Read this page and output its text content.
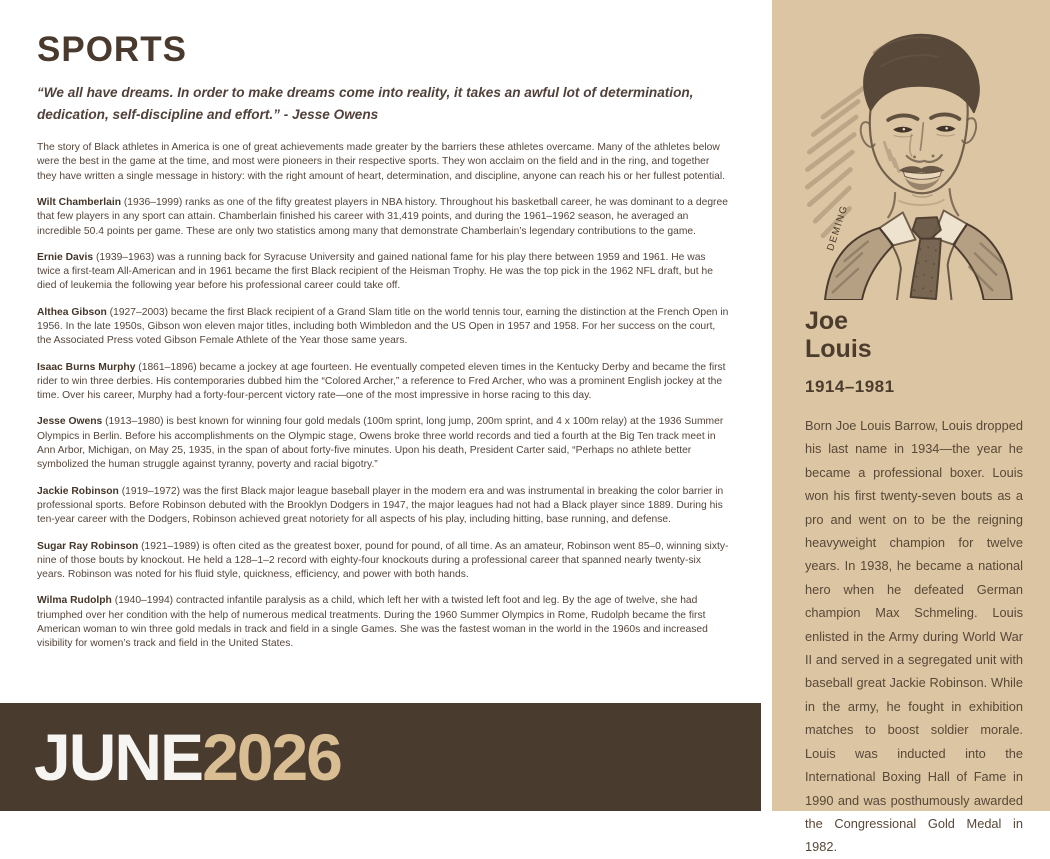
SPORTS

“We all have dreams. In order to make dreams come into reality, it takes an awful lot of determination, dedication, self-discipline and effort.” - Jesse Owens

The story of Black athletes in America is one of great achievements made greater by the barriers these athletes overcame. Many of the athletes below were the best in the game at the time, and most were pioneers in their respective sports. They won acclaim on the field and in the ring, and together they have written a single message in history: with the right amount of heart, determination, and discipline, anyone can reach his or her fullest potential.

Wilt Chamberlain (1936–1999) ranks as one of the fifty greatest players in NBA history. Throughout his basketball career, he was dominant to a degree that few players in any sport can attain. Chamberlain finished his career with 31,419 points, and during the 1961–1962 season, he averaged an incredible 50.4 points per game. These are only two statistics among many that demonstrate Chamberlain’s legendary contributions to the game.

Ernie Davis (1939–1963) was a running back for Syracuse University and gained national fame for his play there between 1959 and 1961. He was twice a first-team All-American and in 1961 became the first Black recipient of the Heisman Trophy. He was the top pick in the 1962 NFL draft, but he died of leukemia the following year before his professional career could take off.

Althea Gibson (1927–2003) became the first Black recipient of a Grand Slam title on the world tennis tour, earning the distinction at the French Open in 1956. In the late 1950s, Gibson won eleven major titles, including both Wimbledon and the US Open in 1957 and 1958. For her success on the court, the Associated Press voted Gibson Female Athlete of the Year those same years.

Isaac Burns Murphy (1861–1896) became a jockey at age fourteen. He eventually competed eleven times in the Kentucky Derby and became the first rider to win three derbies. His contemporaries dubbed him the “Colored Archer,” a reference to Fred Archer, who was a prominent English jockey at the time. Over his career, Murphy had a forty-four-percent victory rate—one of the most impressive in horse racing to this day.

Jesse Owens (1913–1980) is best known for winning four gold medals (100m sprint, long jump, 200m sprint, and 4 x 100m relay) at the 1936 Summer Olympics in Berlin. Before his accomplishments on the Olympic stage, Owens broke three world records and tied a fourth at the Big Ten track meet in Ann Arbor, Michigan, on May 25, 1935, in the span of about forty-five minutes. Upon his death, President Carter said, “Perhaps no athlete better symbolized the human struggle against tyranny, poverty and racial bigotry.”

Jackie Robinson (1919–1972) was the first Black major league baseball player in the modern era and was instrumental in breaking the color barrier in professional sports. Before Robinson debuted with the Brooklyn Dodgers in 1947, the major leagues had not had a Black player since 1889. During his ten-year career with the Dodgers, Robinson achieved great notoriety for all aspects of his play, including hitting, base running, and defense.

Sugar Ray Robinson (1921–1989) is often cited as the greatest boxer, pound for pound, of all time. As an amateur, Robinson went 85–0, winning sixty-nine of those bouts by knockout. He held a 128–1–2 record with eighty-four knockouts during a professional career that spanned nearly twenty-six years. Robinson was noted for his fluid style, quickness, efficiency, and power with both hands.

Wilma Rudolph (1940–1994) contracted infantile paralysis as a child, which left her with a twisted left foot and leg. By the age of twelve, she had triumphed over her condition with the help of numerous medical treatments. During the 1960 Summer Olympics in Rome, Rudolph became the first American woman to win three gold medals in track and field in a single Games. She was the fastest woman in the world in the 1960s and increased visibility for women’s track and field in the United States.

JUNE 2026
DEMING
Joe
Louis
1914–1981

Born Joe Louis Barrow, Louis dropped his last name in 1934—the year he became a professional boxer. Louis won his first twenty-seven bouts as a pro and went on to be the reigning heavyweight champion for twelve years. In 1938, he became a national hero when he defeated German champion Max Schmeling. Louis enlisted in the Army during World War II and served in a segregated unit with baseball great Jackie Robinson. While in the army, he fought in exhibition matches to boost soldier morale. Louis was inducted into the International Boxing Hall of Fame in 1990 and was posthumously awarded the Congressional Gold Medal in 1982.
